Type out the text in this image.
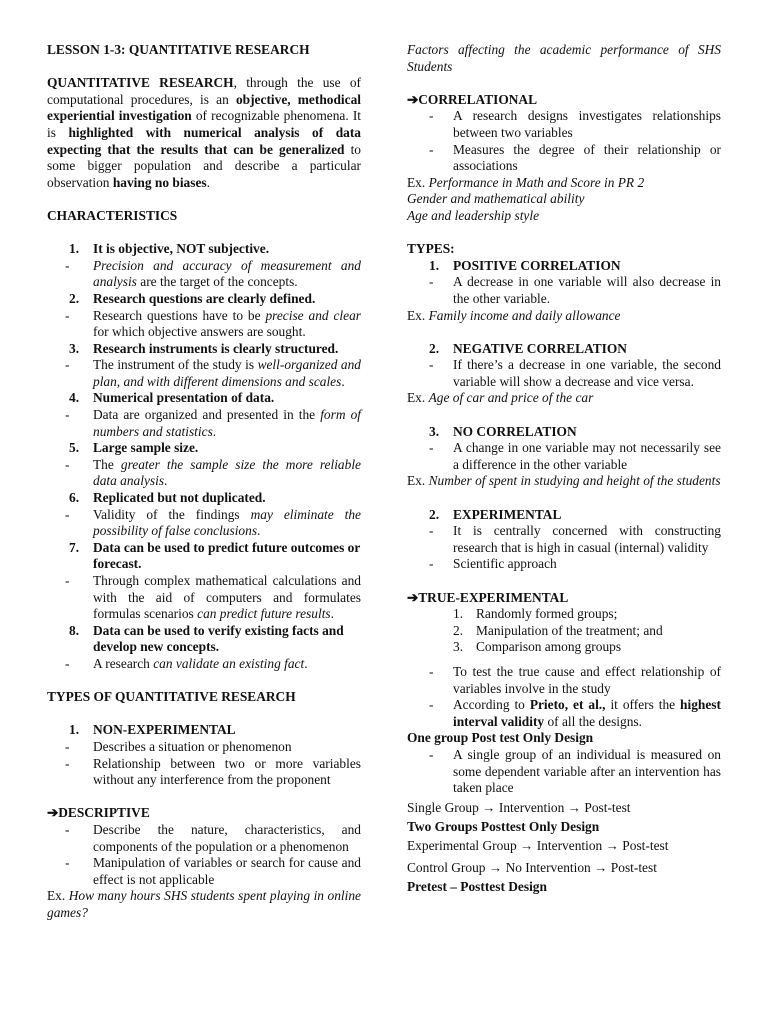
LESSON 1-3: QUANTITATIVE RESEARCH

QUANTITATIVE RESEARCH, through the use of computational procedures, is an objective, methodical experiential investigation of recognizable phenomena. It is highlighted with numerical analysis of data expecting that the results that can be generalized to some bigger population and describe a particular observation having no biases.

CHARACTERISTICS

1.	It is objective, NOT subjective.
-	Precision and accuracy of measurement and analysis are the target of the concepts.
2.	Research questions are clearly defined.
-	Research questions have to be precise and clear for which objective answers are sought.
3.	Research instruments is clearly structured.
-	The instrument of the study is well-organized and plan, and with different dimensions and scales.
4.	Numerical presentation of data.
-	Data are organized and presented in the form of numbers and statistics.
5.	Large sample size.
-	The greater the sample size the more reliable data analysis.
6.	Replicated but not duplicated.
-	Validity of the findings may eliminate the possibility of false conclusions.
7.	Data can be used to predict future outcomes or forecast.
-	Through complex mathematical calculations and with the aid of computers and formulates formulas scenarios can predict future results.
8.	Data can be used to verify existing facts and develop new concepts.
-	A research can validate an existing fact.

TYPES OF QUANTITATIVE RESEARCH

1.	NON-EXPERIMENTAL
-	Describes a situation or phenomenon
-	Relationship between two or more variables without any interference from the proponent

➔DESCRIPTIVE

-	Describe the nature, characteristics, and components of the population or a phenomenon
-	Manipulation of variables or search for cause and effect is not applicable

Ex. How many hours SHS students spent playing in online games?

Factors affecting the academic performance of SHS Students

➔CORRELATIONAL

-	A research designs investigates relationships between two variables
-	Measures the degree of their relationship or associations

Ex. Performance in Math and Score in PR 2

Gender and mathematical ability

Age and leadership style

TYPES:

1.	POSITIVE CORRELATION
-	A decrease in one variable will also decrease in the other variable.

Ex. Family income and daily allowance

2.	NEGATIVE CORRELATION
-	If there’s a decrease in one variable, the second variable will show a decrease and vice versa.

Ex. Age of car and price of the car

3.	NO CORRELATION
-	A change in one variable may not necessarily see a difference in the other variable

Ex. Number of spent in studying and height of the students

2.	EXPERIMENTAL
-	It is centrally concerned with constructing research that is high in casual (internal) validity
-	Scientific approach

➔TRUE-EXPERIMENTAL

1. Randomly formed groups;
2. Manipulation of the treatment; and
3. Comparison among groups
-	To test the true cause and effect relationship of variables involve in the study
-	According to Prieto, et al., it offers the highest interval validity of all the designs.

One group Post test Only Design

-	A single group of an individual is measured on some dependent variable after an intervention has taken place

Single Group → Intervention → Post-test

Two Groups Posttest Only Design

Experimental Group → Intervention → Post-test

Control Group → No Intervention → Post-test

Pretest – Posttest Design
